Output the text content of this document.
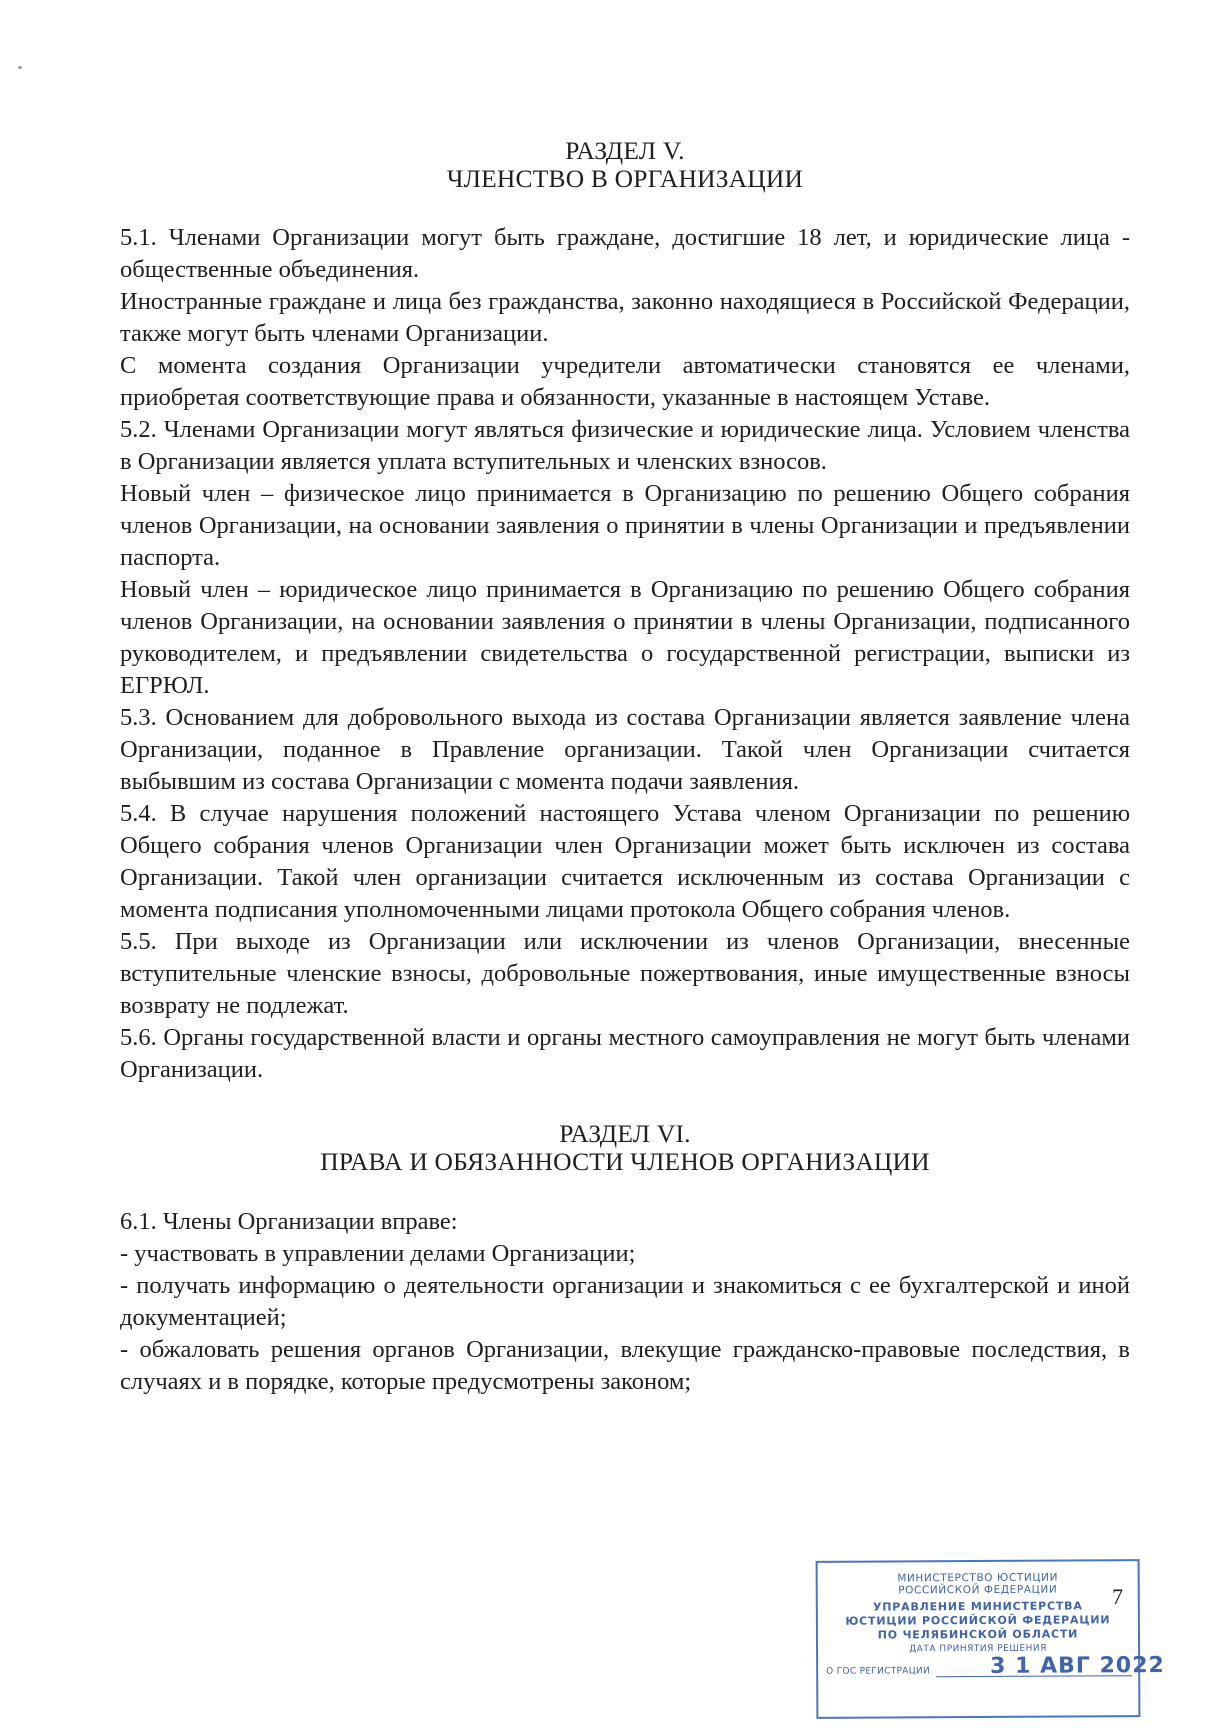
РАЗДЕЛ V.
ЧЛЕНСТВО В ОРГАНИЗАЦИИ

5.1. Членами Организации могут быть граждане, достигшие 18 лет, и юридические лица - общественные объединения.

Иностранные граждане и лица без гражданства, законно находящиеся в Российской Федерации, также могут быть членами Организации.

С момента создания Организации учредители автоматически становятся ее членами, приобретая соответствующие права и обязанности, указанные в настоящем Уставе.

5.2. Членами Организации могут являться физические и юридические лица. Условием членства в Организации является уплата вступительных и членских взносов.

Новый член – физическое лицо принимается в Организацию по решению Общего собрания членов Организации, на основании заявления о принятии в члены Организации и предъявлении паспорта.

Новый член – юридическое лицо принимается в Организацию по решению Общего собрания членов Организации, на основании заявления о принятии в члены Организации, подписанного руководителем, и предъявлении свидетельства о государственной регистрации, выписки из ЕГРЮЛ.

5.3. Основанием для добровольного выхода из состава Организации является заявление члена Организации, поданное в Правление организации. Такой член Организации считается выбывшим из состава Организации с момента подачи заявления.

5.4. В случае нарушения положений настоящего Устава членом Организации по решению Общего собрания членов Организации член Организации может быть исключен из состава Организации. Такой член организации считается исключенным из состава Организации с момента подписания уполномоченными лицами протокола Общего собрания членов.

5.5. При выходе из Организации или исключении из членов Организации, внесенные вступительные членские взносы, добровольные пожертвования, иные имущественные взносы возврату не подлежат.

5.6. Органы государственной власти и органы местного самоуправления не могут быть членами Организации.

РАЗДЕЛ VI.
ПРАВА И ОБЯЗАННОСТИ ЧЛЕНОВ ОРГАНИЗАЦИИ

6.1. Члены Организации вправе:

- участвовать в управлении делами Организации;

- получать информацию о деятельности организации и знакомиться с ее бухгалтерской и иной документацией;

- обжаловать решения органов Организации, влекущие гражданско-правовые последствия, в случаях и в порядке, которые предусмотрены законом;

МИНИСТЕРСТВО ЮСТИЦИИ
РОССИЙСКОЙ ФЕДЕРАЦИИ
УПРАВЛЕНИЕ МИНИСТЕРСТВА
ЮСТИЦИИ РОССИЙСКОЙ ФЕДЕРАЦИИ
ПО ЧЕЛЯБИНСКОЙ ОБЛАСТИ
ДАТА ПРИНЯТИЯ РЕШЕНИЯ
О ГОС РЕГИСТРАЦИИ	3 1 АВГ 2022
7
